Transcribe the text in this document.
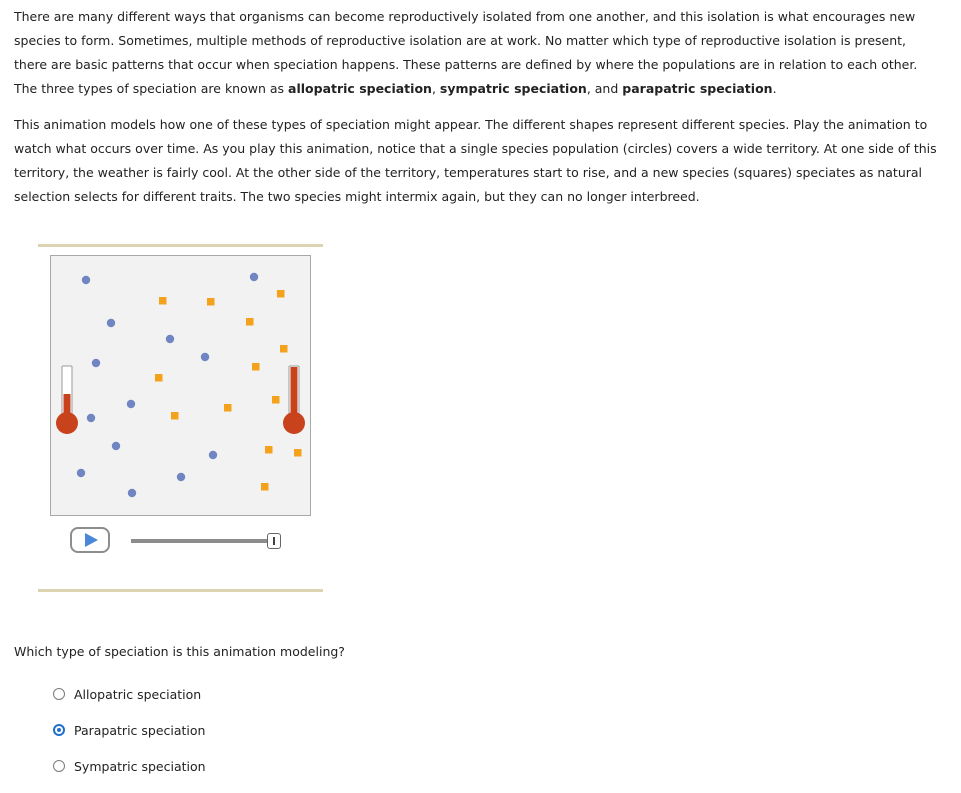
There are many different ways that organisms can become reproductively isolated from one another, and this isolation is what encourages new species to form. Sometimes, multiple methods of reproductive isolation are at work. No matter which type of reproductive isolation is present, there are basic patterns that occur when speciation happens. These patterns are defined by where the populations are in relation to each other. The three types of speciation are known as allopatric speciation, sympatric speciation, and parapatric speciation.

This animation models how one of these types of speciation might appear. The different shapes represent different species. Play the animation to watch what occurs over time. As you play this animation, notice that a single species population (circles) covers a wide territory. At one side of this territory, the weather is fairly cool. At the other side of the territory, temperatures start to rise, and a new species (squares) speciates as natural selection selects for different traits. The two species might intermix again, but they can no longer interbreed.

Which type of speciation is this animation modeling?

Allopatric speciation
Parapatric speciation
Sympatric speciation
